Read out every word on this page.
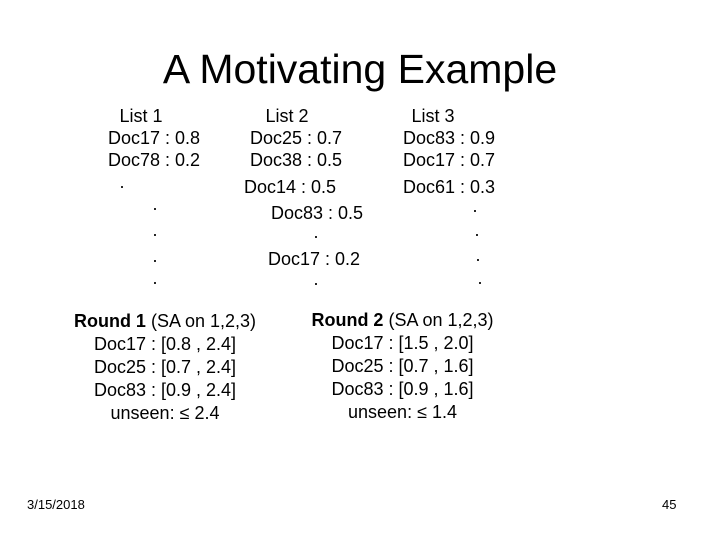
A Motivating Example
List 1
Doc17 : 0.8
Doc78 : 0.2
.
·
·
·
·
List 2
Doc25 : 0.7
Doc38 : 0.5
Doc14 : 0.5
Doc83 : 0.5
·
Doc17 : 0.2
·
List 3
Doc83 : 0.9
Doc17 : 0.7
Doc61 : 0.3
·
·
·
·
Round 1 (SA on 1,2,3)
Doc17 : [0.8 , 2.4]
Doc25 : [0.7 , 2.4]
Doc83 : [0.9 , 2.4]
unseen: ≤ 2.4
Round 2 (SA on 1,2,3)
Doc17 : [1.5 , 2.0]
Doc25 : [0.7 , 1.6]
Doc83 : [0.9 , 1.6]
unseen: ≤ 1.4
3/15/2018	45
